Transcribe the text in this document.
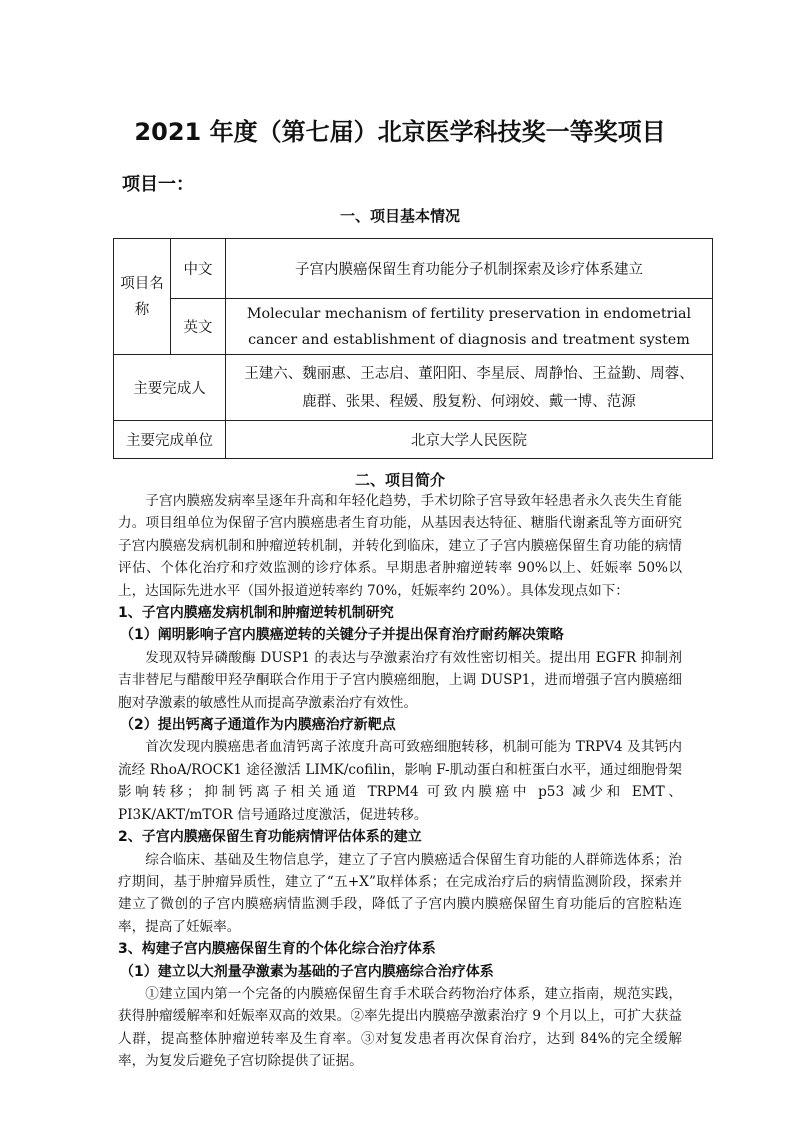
2021 年度（第七届）北京医学科技奖一等奖项目
项目一：
一、项目基本情况
项目名称	中文	子宫内膜癌保留生育功能分子机制探索及诊疗体系建立
	英文	Molecular mechanism of fertility preservation in endometrial
cancer and establishment of diagnosis and treatment system

主要完成人		王建六、魏丽惠、王志启、董阳阳、李星辰、周静怡、王益勤、周蓉、
鹿群、张果、程媛、殷复粉、何翊姣、戴一博、范源

主要完成单位		北京大学人民医院
二、项目简介

子宫内膜癌发病率呈逐年升高和年轻化趋势，手术切除子宫导致年轻患者永久丧失生育能力。项目组单位为保留子宫内膜癌患者生育功能，从基因表达特征、糖脂代谢紊乱等方面研究子宫内膜癌发病机制和肿瘤逆转机制，并转化到临床，建立了子宫内膜癌保留生育功能的病情评估、个体化治疗和疗效监测的诊疗体系。早期患者肿瘤逆转率 90%以上、妊娠率 50%以上，达国际先进水平（国外报道逆转率约 70%，妊娠率约 20%）。具体发现点如下：

1、子宫内膜癌发病机制和肿瘤逆转机制研究

（1）阐明影响子宫内膜癌逆转的关键分子并提出保育治疗耐药解决策略

发现双特异磷酸酶 DUSP1 的表达与孕激素治疗有效性密切相关。提出用 EGFR 抑制剂吉非替尼与醋酸甲羟孕酮联合作用于子宫内膜癌细胞，上调 DUSP1，进而增强子宫内膜癌细胞对孕激素的敏感性从而提高孕激素治疗有效性。

（2）提出钙离子通道作为内膜癌治疗新靶点

首次发现内膜癌患者血清钙离子浓度升高可致癌细胞转移，机制可能为 TRPV4 及其钙内流经 RhoA/ROCK1 途径激活 LIMK/cofilin，影响 F-肌动蛋白和桩蛋白水平，通过细胞骨架影响转移；抑制钙离子相关通道 TRPM4 可致内膜癌中 p53 减少和 EMT、PI3K/AKT/mTOR 信号通路过度激活，促进转移。

2、子宫内膜癌保留生育功能病情评估体系的建立

综合临床、基础及生物信息学，建立了子宫内膜癌适合保留生育功能的人群筛选体系；治疗期间，基于肿瘤异质性，建立了“五+X”取样体系；在完成治疗后的病情监测阶段，探索并建立了微创的子宫内膜癌病情监测手段，降低了子宫内膜内膜癌保留生育功能后的宫腔粘连率，提高了妊娠率。

3、构建子宫内膜癌保留生育的个体化综合治疗体系

（1）建立以大剂量孕激素为基础的子宫内膜癌综合治疗体系

①建立国内第一个完备的内膜癌保留生育手术联合药物治疗体系，建立指南，规范实践，获得肿瘤缓解率和妊娠率双高的效果。②率先提出内膜癌孕激素治疗 9 个月以上，可扩大获益人群，提高整体肿瘤逆转率及生育率。③对复发患者再次保育治疗，达到 84%的完全缓解率，为复发后避免子宫切除提供了证据。
